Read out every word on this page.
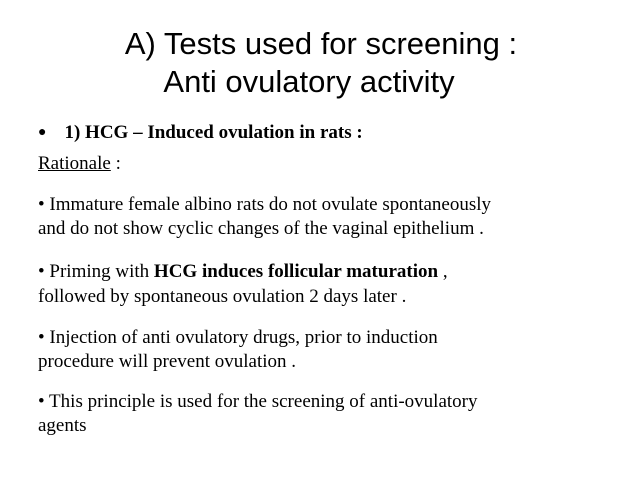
A) Tests used for screening :
Anti ovulatory activity
● 1) HCG – Induced ovulation in rats :
Rationale :
• Immature female albino rats do not ovulate spontaneously
and do not show cyclic changes of the vaginal epithelium .
• Priming with HCG induces follicular maturation ,
followed by spontaneous ovulation 2 days later .
• Injection of anti ovulatory drugs, prior to induction
procedure will prevent ovulation .
• This principle is used for the screening of anti-ovulatory
agents
